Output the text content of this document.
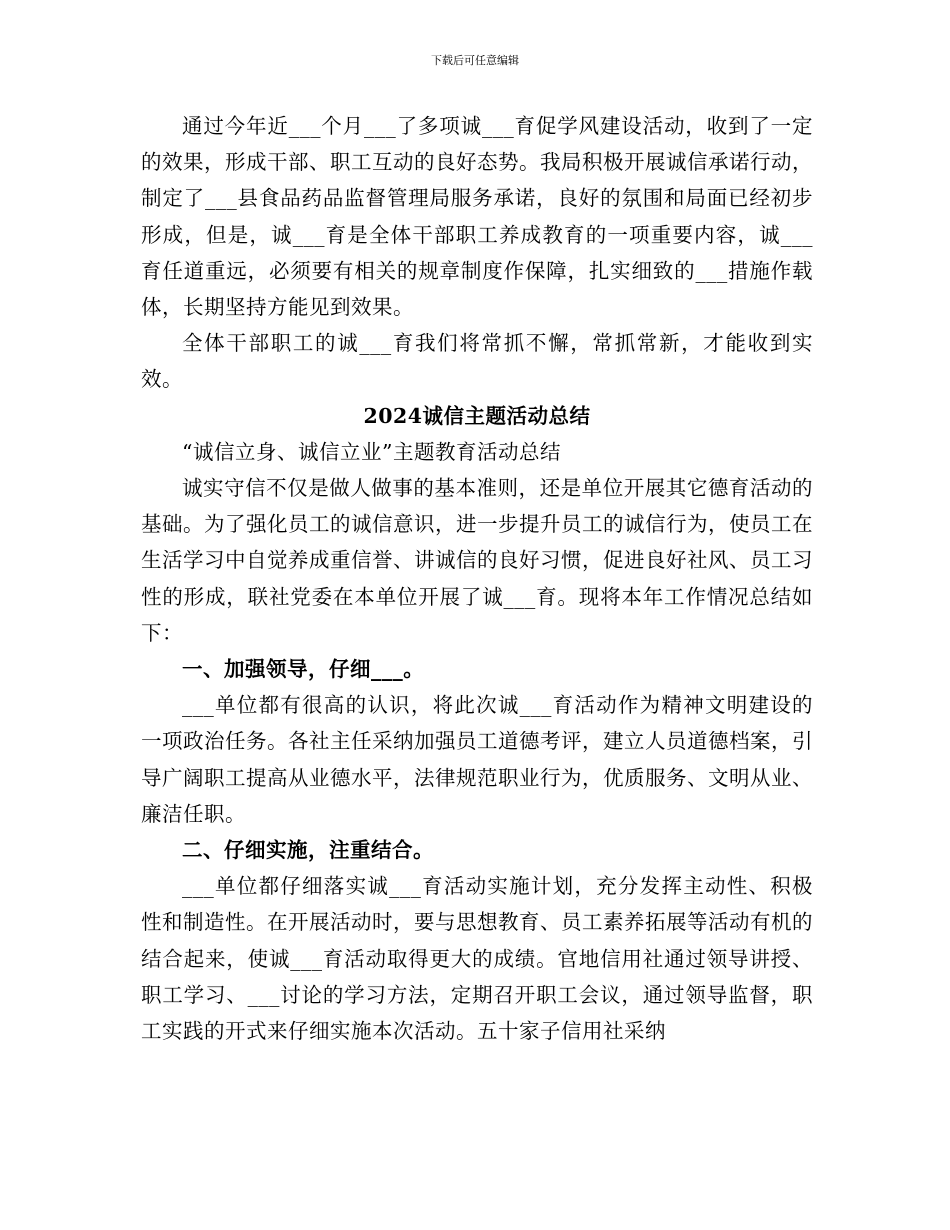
下载后可任意编辑

通过今年近___个月___了多项诚___育促学风建设活动，收到了一定的效果，形成干部、职工互动的良好态势。我局积极开展诚信承诺行动，制定了___县食品药品监督管理局服务承诺，良好的氛围和局面已经初步形成，但是，诚___育是全体干部职工养成教育的一项重要内容，诚___育任道重远，必须要有相关的规章制度作保障，扎实细致的___措施作载体，长期坚持方能见到效果。

全体干部职工的诚___育我们将常抓不懈，常抓常新，才能收到实效。

2024诚信主题活动总结

“诚信立身、诚信立业”主题教育活动总结

诚实守信不仅是做人做事的基本准则，还是单位开展其它德育活动的基础。为了强化员工的诚信意识，进一步提升员工的诚信行为，使员工在生活学习中自觉养成重信誉、讲诚信的良好习惯，促进良好社风、员工习性的形成，联社党委在本单位开展了诚___育。现将本年工作情况总结如下：

一、加强领导，仔细___。

___单位都有很高的认识，将此次诚___育活动作为精神文明建设的一项政治任务。各社主任采纳加强员工道德考评，建立人员道德档案，引导广阔职工提高从业德水平，法律规范职业行为，优质服务、文明从业、廉洁任职。

二、仔细实施，注重结合。

___单位都仔细落实诚___育活动实施计划，充分发挥主动性、积极性和制造性。在开展活动时，要与思想教育、员工素养拓展等活动有机的结合起来，使诚___育活动取得更大的成绩。官地信用社通过领导讲授、职工学习、___讨论的学习方法，定期召开职工会议，通过领导监督，职工实践的开式来仔细实施本次活动。五十家子信用社采纳
